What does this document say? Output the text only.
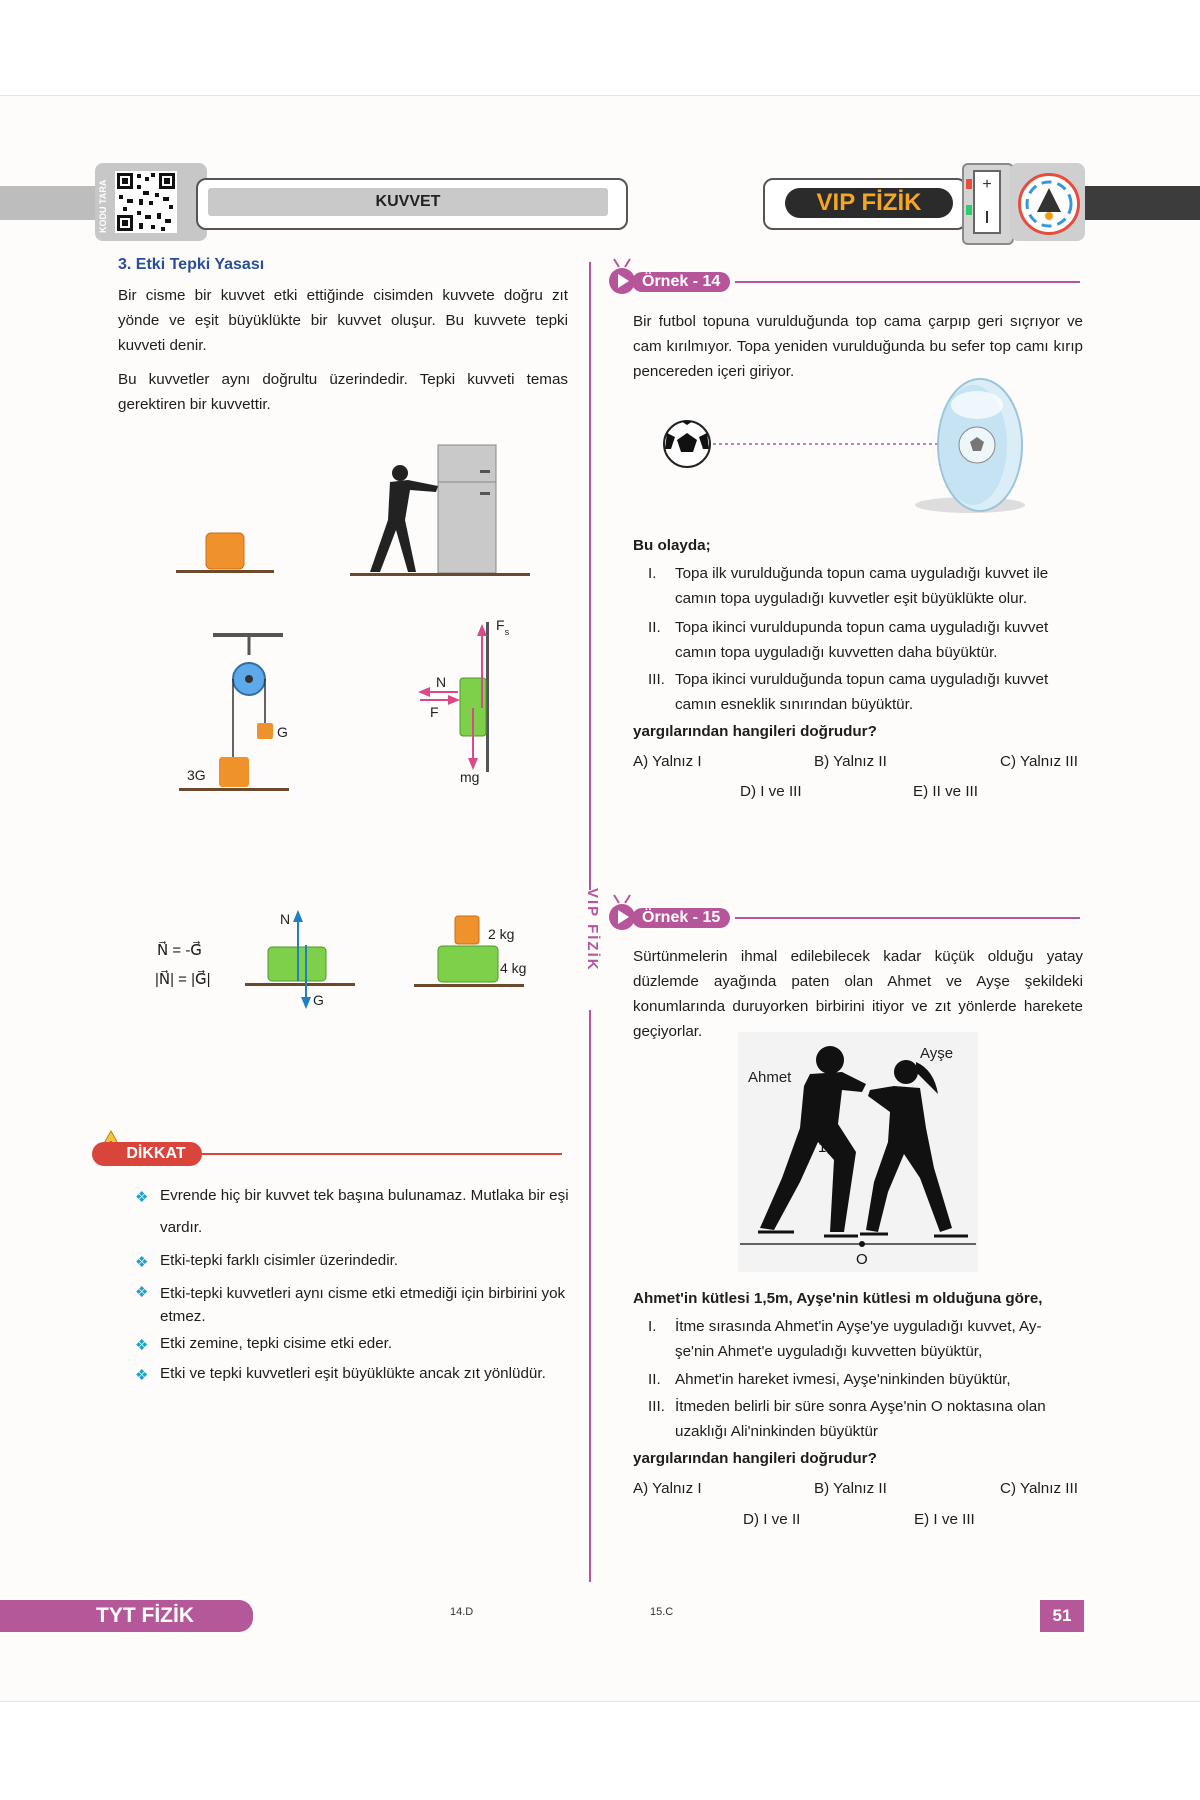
KODU TARA	KUVVET	VIP FİZİK
+
3. Etki Tepki Yasası
Bir cisme bir kuvvet etki ettiğinde cisimden kuvvete doğru zıt yönde ve eşit büyüklükte bir kuvvet oluşur. Bu kuvvete tepki kuvveti denir.
Bu kuvvetler aynı doğrultu üzerindedir. Tepki kuvveti temas gerektiren bir kuvvettir.
G
3G
$F_s$
N
F
mg
N⃗ = -G⃗
|N⃗| = |G⃗|
N
G
2 kg
4 kg
DİKKAT
❖ Evrende hiç bir kuvvet tek başına bulunamaz. Mutlaka bir eşi vardır.
❖ Etki-tepki farklı cisimler üzerindedir.
❖ Etki-tepki kuvvetleri aynı cisme etki etmediği için birbirini yok etmez.
❖ Etki zemine, tepki cisime etki eder.
❖ Etki ve tepki kuvvetleri eşit büyüklükte ancak zıt yönlüdür.
VIP FİZİK
Örnek - 14
Bir futbol topuna vurulduğunda top cama çarpıp geri sıçrıyor ve cam kırılmıyor. Topa yeniden vurulduğunda bu sefer top camı kırıp pencereden içeri giriyor.
Bu olayda;
I. Topa ilk vurulduğunda topun cama uyguladığı kuvvet ile
camın topa uyguladığı kuvvetler eşit büyüklükte olur.
II. Topa ikinci vuruldupunda topun cama uyguladığı kuvvet
camın topa uyguladığı kuvvetten daha büyüktür.
III. Topa ikinci vurulduğunda topun cama uyguladığı kuvvet
camın esneklik sınırından büyüktür.
yargılarından hangileri doğrudur?
A) Yalnız I	B) Yalnız II	C) Yalnız III
D) I ve III	E) II ve III
Örnek - 15
Sürtünmelerin ihmal edilebilecek kadar küçük olduğu yatay düzlemde ayağında paten olan Ahmet ve Ayşe şekildeki konumlarında duruyorken birbirini itiyor ve zıt yönlerde harekete geçiyorlar.
Ahmet
Ayşe
1,5m	m
O
Ahmet'in kütlesi 1,5m, Ayşe'nin kütlesi m olduğuna göre,
I. İtme sırasında Ahmet'in Ayşe'ye uyguladığı kuvvet, Ay-
şe'nin Ahmet'e uyguladığı kuvvetten büyüktür,
II. Ahmet'in hareket ivmesi, Ayşe'ninkinden büyüktür,
III. İtmeden belirli bir süre sonra Ayşe'nin O noktasına olan
uzaklığı Ali'ninkinden büyüktür
yargılarından hangileri doğrudur?
A) Yalnız I	B) Yalnız II	C) Yalnız III
D) I ve II	E) I ve III
TYT FİZİK	14.D	15.C	51
